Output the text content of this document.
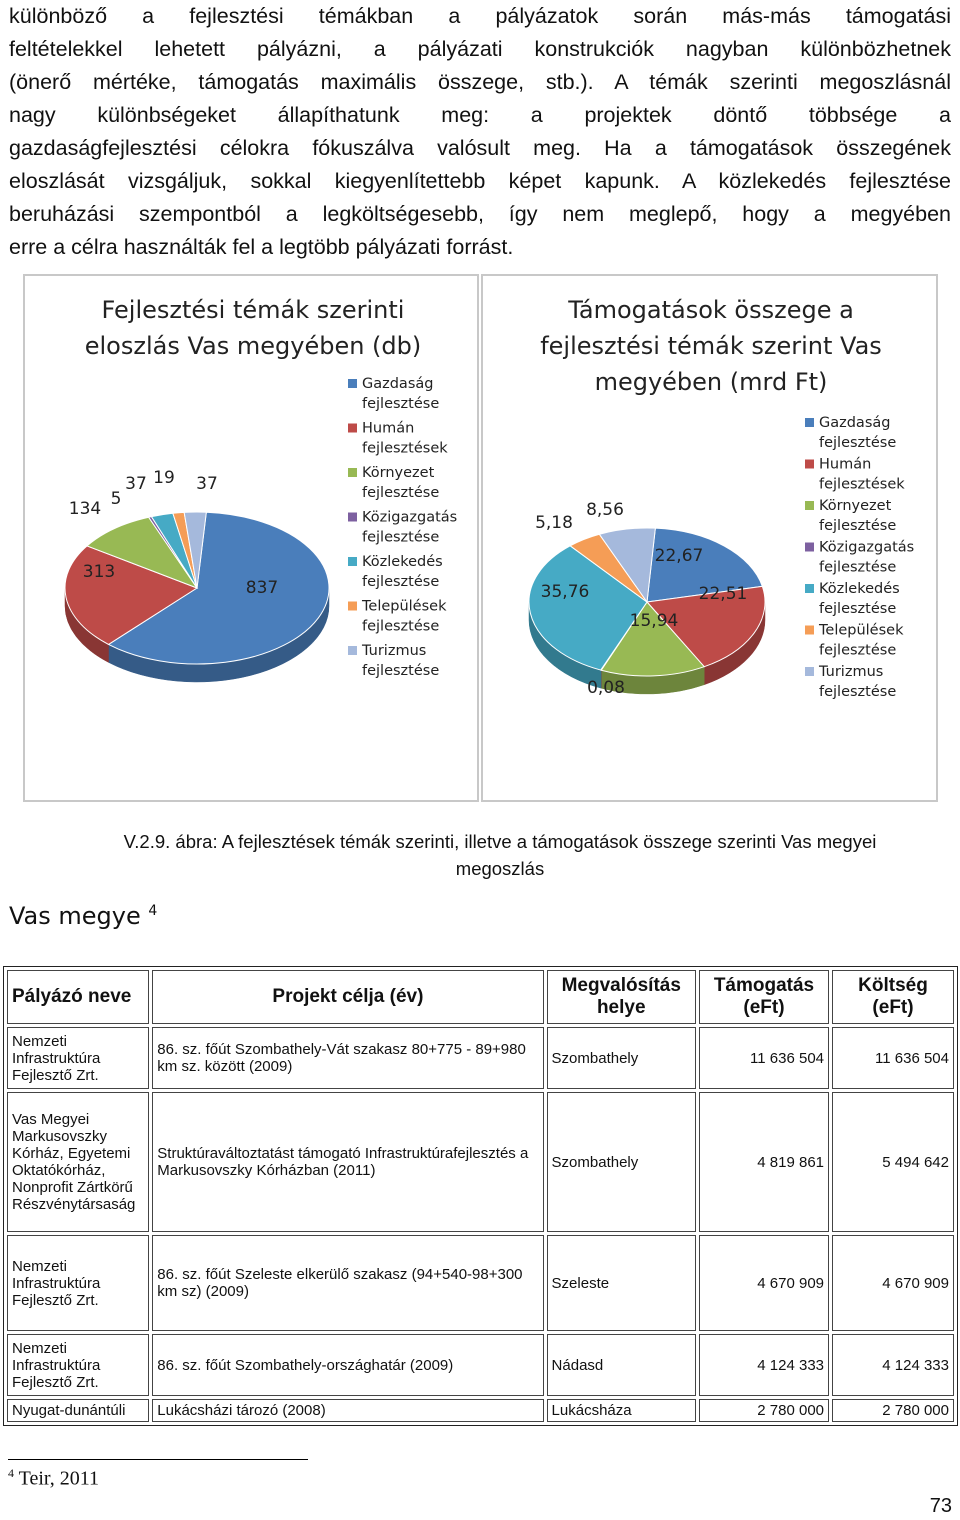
különböző a fejlesztési témákban a pályázatok során más-más támogatási
feltételekkel lehetett pályázni, a pályázati konstrukciók nagyban különbözhetnek
(önerő mértéke, támogatás maximális összege, stb.). A témák szerinti megoszlásnál
nagy különbségeket állapíthatunk meg: a projektek döntő többsége a
gazdaságfejlesztési célokra fókuszálva valósult meg. Ha a támogatások összegének
eloszlását vizsgáljuk, sokkal kiegyenlítettebb képet kapunk. A közlekedés fejlesztése
beruházási szempontból a legköltségesebb, így nem meglepő, hogy a megyében
erre a célra használták fel a legtöbb pályázati forrást.
Fejlesztési témák szerinti
eloszlás Vas megyében (db)
837
313
134 5
37 19 37
Gazdaság
fejlesztése
Humán
fejlesztések
Környezet
fejlesztése
Közigazgatás
fejlesztése
Közlekedés
fejlesztése
Települések
fejlesztése
Turizmus
fejlesztése
Támogatások összege a
fejlesztési témák szerint Vas
megyében (mrd Ft)
22,67
22,51
15,94
0,08
35,76
5,18
8,56
Gazdaság
fejlesztése
Humán
fejlesztések
Környezet
fejlesztése
Közigazgatás
fejlesztése
Közlekedés
fejlesztése
Települések
fejlesztése
Turizmus
fejlesztése
V.2.9. ábra: A fejlesztések témák szerinti, illetve a támogatások összege szerinti Vas megyei
megoszlás
Vas megye $^4$
Pályázó neve	Projekt célja (év)	Megvalósítás helye	Támogatás (eFt)	Költség (eFt)
Nemzeti Infrastruktúra Fejlesztő Zrt.	86. sz. főút Szombathely-Vát szakasz 80+775 - 89+980 km sz. között (2009)	Szombathely	11 636 504	11 636 504
Vas Megyei Markusovszky Kórház, Egyetemi Oktatókórház, Nonprofit Zártkörű Részvénytársaság	Struktúraváltoztatást támogató Infrastruktúrafejlesztés a Markusovszky Kórházban (2011)	Szombathely	4 819 861	5 494 642
Nemzeti Infrastruktúra Fejlesztő Zrt.	86. sz. főút Szeleste elkerülő szakasz (94+540-98+300 km sz) (2009)	Szeleste	4 670 909	4 670 909
Nemzeti Infrastruktúra Fejlesztő Zrt.	86. sz. főút Szombathely-országhatár (2009)	Nádasd	4 124 333	4 124 333
Nyugat-dunántúli	Lukácsházi tározó (2008)	Lukácsháza	2 780 000	2 780 000
$^4$ Teir, 2011
73
